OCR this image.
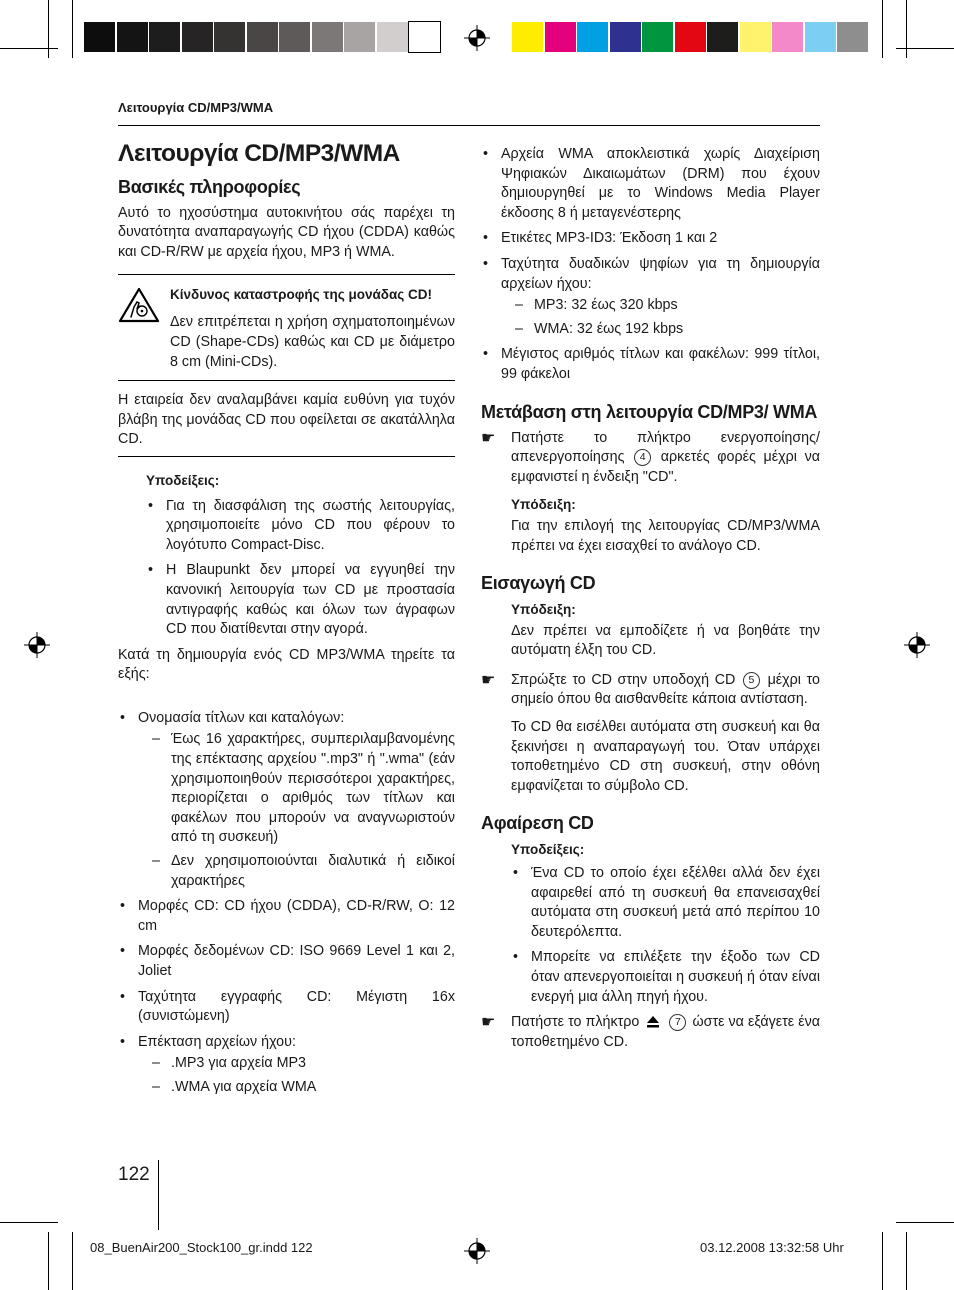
Λειτουργία CD/MP3/WMA
Λειτουργία CD/MP3/WMA
Βασικές πληροφορίες

Αυτό το ηχοσύστημα αυτοκινήτου σάς παρέχει τη δυνατότητα αναπαραγωγής CD ήχου (CDDA) καθώς και CD-R/RW με αρχεία ήχου, MP3 ή WMA.

Κίνδυνος καταστροφής της μονάδας CD!

Δεν επιτρέπεται η χρήση σχηματοποιημένων CD (Shape-CDs) καθώς και CD με διάμετρο 8 cm (Mini-CDs).

Η εταιρεία δεν αναλαμβάνει καμία ευθύνη για τυχόν βλάβη της μονάδας CD που οφείλεται σε ακατάλληλα CD.

Υποδείξεις:
• Για τη διασφάλιση της σωστής λειτουργίας, χρησιμοποιείτε μόνο CD που φέρουν το λογότυπο Compact-Disc.
• Η Blaupunkt δεν μπορεί να εγγυηθεί την κανονική λειτουργία των CD με προστασία αντιγραφής καθώς και όλων των άγραφων CD που διατίθενται στην αγορά.

Κατά τη δημιουργία ενός CD MP3/WMA τηρείτε τα εξής:

• Ονομασία τίτλων και καταλόγων:
– Έως 16 χαρακτήρες, συμπεριλαμβανομένης της επέκτασης αρχείου ".mp3" ή ".wma" (εάν χρησιμοποιηθούν περισσότεροι χαρακτήρες, περιορίζεται ο αριθμός των τίτλων και φακέλων που μπορούν να αναγνωριστούν από τη συσκευή)
– Δεν χρησιμοποιούνται διαλυτικά ή ειδικοί χαρακτήρες
• Μορφές CD: CD ήχου (CDDA), CD-R/RW, Ο: 12 cm
• Μορφές δεδομένων CD: ISO 9669 Level 1 και 2, Joliet
• Ταχύτητα εγγραφής CD: Μέγιστη 16x (συνιστώμενη)
• Επέκταση αρχείων ήχου:
– .MP3 για αρχεία MP3
– .WMA για αρχεία WMA
• Αρχεία WMA αποκλειστικά χωρίς Διαχείριση Ψηφιακών Δικαιωμάτων (DRM) που έχουν δημιουργηθεί με το Windows Media Player έκδοσης 8 ή μεταγενέστερης
• Ετικέτες MP3-ID3: Έκδοση 1 και 2
• Ταχύτητα δυαδικών ψηφίων για τη δημιουργία αρχείων ήχου:
– MP3: 32 έως 320 kbps
– WMA: 32 έως 192 kbps
• Μέγιστος αριθμός τίτλων και φακέλων: 999 τίτλοι, 99 φάκελοι
Μετάβαση στη λειτουργία CD/MP3/ WMA
☛ Πατήστε το πλήκτρο ενεργοποίησης/απενεργοποίησης 4 αρκετές φορές μέχρι να εμφανιστεί η ένδειξη "CD".
Υπόδειξη:

Για την επιλογή της λειτουργίας CD/MP3/WMA πρέπει να έχει εισαχθεί το ανάλογο CD.

Εισαγωγή CD
Υπόδειξη:

Δεν πρέπει να εμποδίζετε ή να βοηθάτε την αυτόματη έλξη του CD.

☛ Σπρώξτε το CD στην υποδοχή CD 5 μέχρι το σημείο όπου θα αισθανθείτε κάποια αντίσταση.

Το CD θα εισέλθει αυτόματα στη συσκευή και θα ξεκινήσει η αναπαραγωγή του. Όταν υπάρχει τοποθετημένο CD στη συσκευή, στην οθόνη εμφανίζεται το σύμβολο CD.

Αφαίρεση CD
Υποδείξεις:
• Ένα CD το οποίο έχει εξέλθει αλλά δεν έχει αφαιρεθεί από τη συσκευή θα επανεισαχθεί αυτόματα στη συσκευή μετά από περίπου 10 δευτερόλεπτα.
• Μπορείτε να επιλέξετε την έξοδο των CD όταν απενεργοποιείται η συσκευή ή όταν είναι ενεργή μια άλλη πηγή ήχου.
☛ Πατήστε το πλήκτρο	7 ώστε να εξάγετε ένα τοποθετημένο CD.
122
08_BuenAir200_Stock100_gr.indd 122	03.12.2008 13:32:58 Uhr
